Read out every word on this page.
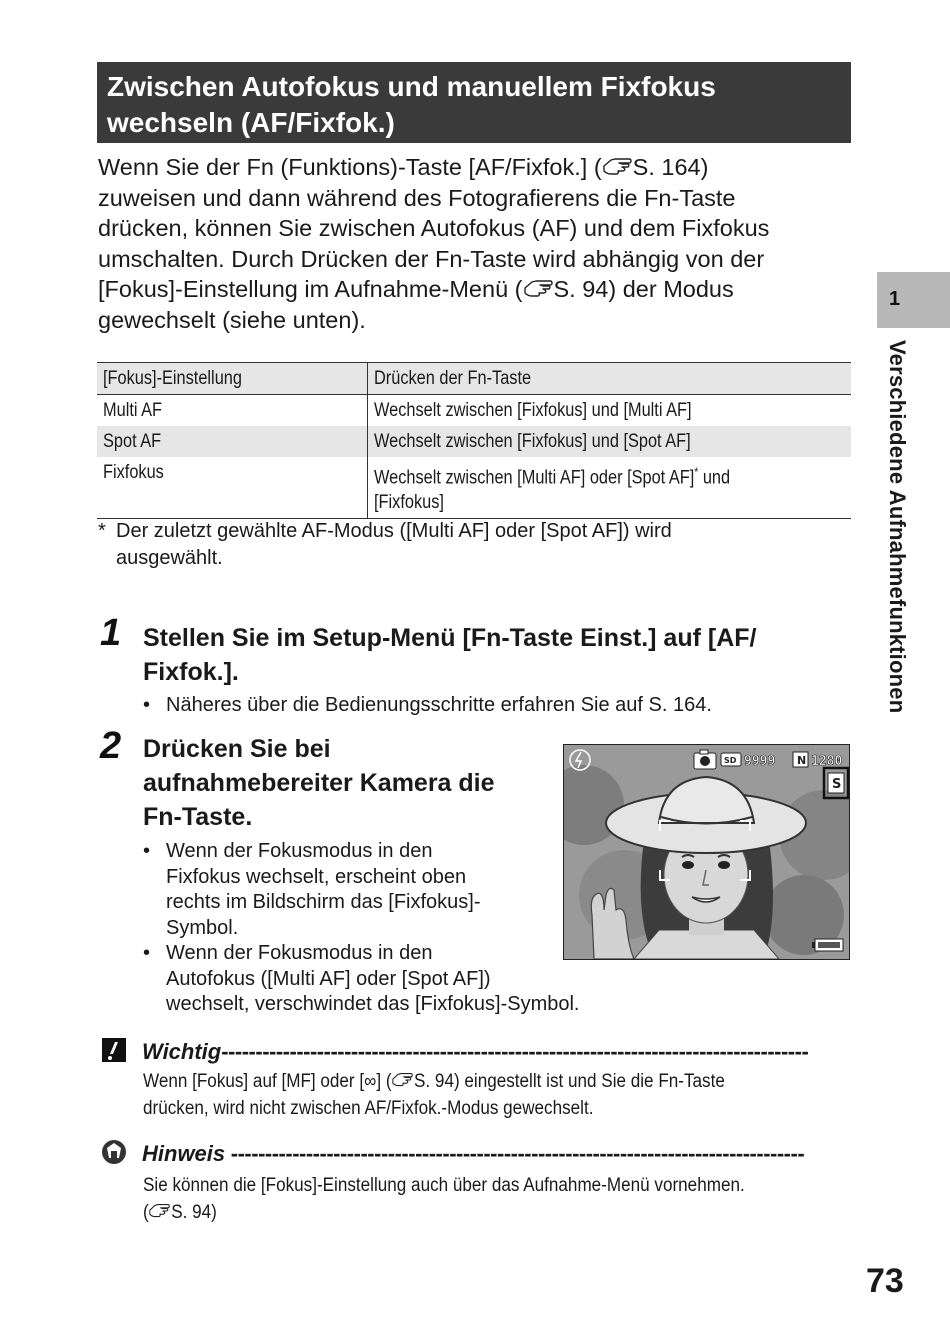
Zwischen Autofokus und manuellem Fixfokus
wechseln (AF/Fixfok.)
Wenn Sie der Fn (Funktions)-Taste [AF/Fixfok.] ( S. 164)
zuweisen und dann während des Fotografierens die Fn-Taste
drücken, können Sie zwischen Autofokus (AF) und dem Fixfokus
umschalten. Durch Drücken der Fn-Taste wird abhängig von der
[Fokus]-Einstellung im Aufnahme-Menü ( S. 94) der Modus
gewechselt (siehe unten).
1
Verschiedene Aufnahmefunktionen
[Fokus]-Einstellung	Drücken der Fn-Taste
Multi AF	Wechselt zwischen [Fixfokus] und [Multi AF]
Spot AF	Wechselt zwischen [Fixfokus] und [Spot AF]
Fixfokus	Wechselt zwischen [Multi AF] oder [Spot AF]* und
[Fixfokus]
* Der zuletzt gewählte AF-Modus ([Multi AF] oder [Spot AF]) wird
ausgewählt.
1 Stellen Sie im Setup-Menü [Fn-Taste Einst.] auf [AF/
Fixfok.].
• Näheres über die Bedienungsschritte erfahren Sie auf S. 164.
2 Drücken Sie bei
aufnahmebereiter Kamera die
Fn-Taste.
• Wenn der Fokusmodus in den
Fixfokus wechselt, erscheint oben
rechts im Bildschirm das [Fixfokus]-
Symbol.
• Wenn der Fokusmodus in den
Autofokus ([Multi AF] oder [Spot AF])
wechselt, verschwindet das [Fixfokus]-Symbol.
SD 9999 N 1280
S
Wichtig--------------------------------------------------------------------------------------
Wenn [Fokus] auf [MF] oder [∞] ( S. 94) eingestellt ist und Sie die Fn-Taste
drücken, wird nicht zwischen AF/Fixfok.-Modus gewechselt.
Hinweis ------------------------------------------------------------------------------------
Sie können die [Fokus]-Einstellung auch über das Aufnahme-Menü vornehmen.
( S. 94)
73
